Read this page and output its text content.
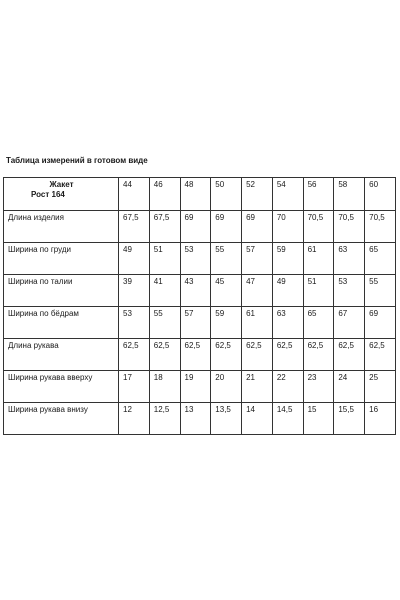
Таблица измерений в готовом виде
Жакет
Рост 164	44	46	48	50	52	54	56	58	60
Длина изделия	67,5	67,5	69	69	69	70	70,5	70,5	70,5
Ширина по груди	49	51	53	55	57	59	61	63	65
Ширина по талии	39	41	43	45	47	49	51	53	55
Ширина по бёдрам	53	55	57	59	61	63	65	67	69
Длина рукава	62,5	62,5	62,5	62,5	62,5	62,5	62,5	62,5	62,5
Ширина рукава вверху	17	18	19	20	21	22	23	24	25
Ширина рукава внизу	12	12,5	13	13,5	14	14,5	15	15,5	16
